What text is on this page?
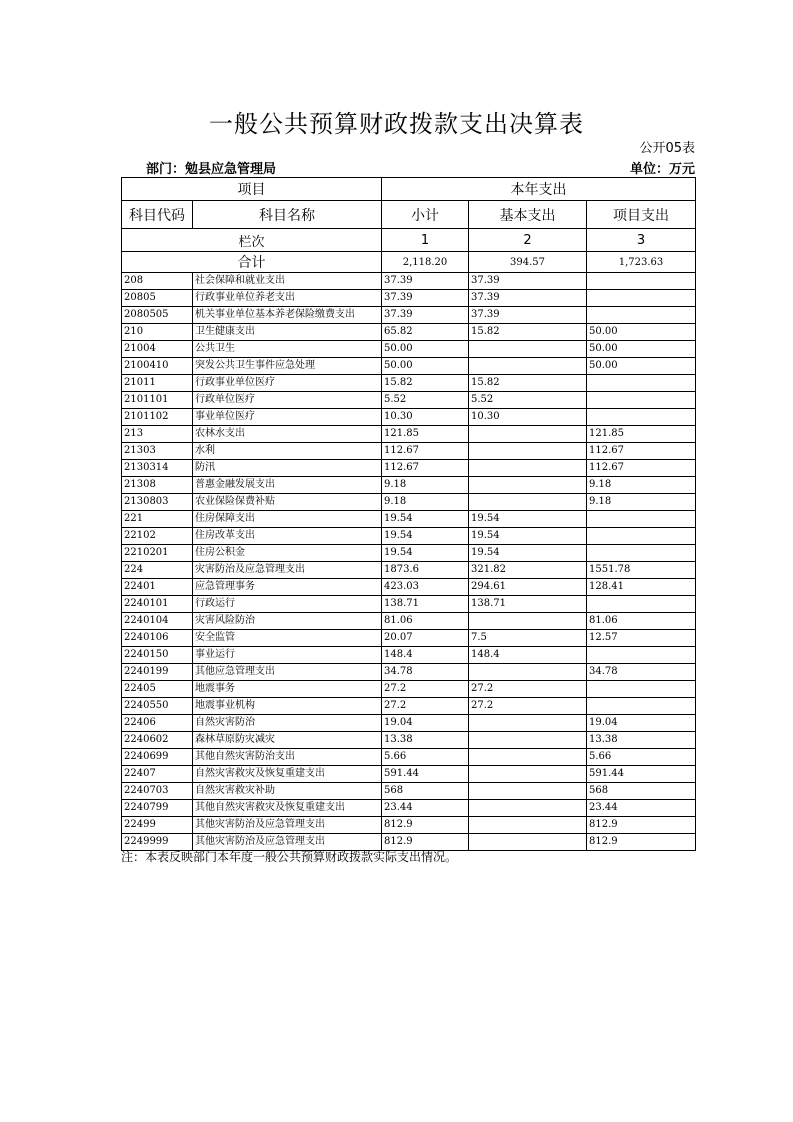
一般公共预算财政拨款支出决算表
公开05表
部门：勉县应急管理局	单位：万元
项目		本年支出		
科目代码	科目名称	小计	基本支出	项目支出
栏次		1	2	3
合计		2,118.20	394.57	1,723.63
208	社会保障和就业支出	37.39	37.39	
20805	行政事业单位养老支出	37.39	37.39	
2080505	机关事业单位基本养老保险缴费支出	37.39	37.39	
210	卫生健康支出	65.82	15.82	50.00
21004	公共卫生	50.00		50.00
2100410	突发公共卫生事件应急处理	50.00		50.00
21011	行政事业单位医疗	15.82	15.82	
2101101	行政单位医疗	5.52	5.52	
2101102	事业单位医疗	10.30	10.30	
213	农林水支出	121.85		121.85
21303	水利	112.67		112.67
2130314	防汛	112.67		112.67
21308	普惠金融发展支出	9.18		9.18
2130803	农业保险保费补贴	9.18		9.18
221	住房保障支出	19.54	19.54	
22102	住房改革支出	19.54	19.54	
2210201	住房公积金	19.54	19.54	
224	灾害防治及应急管理支出	1873.6	321.82	1551.78
22401	应急管理事务	423.03	294.61	128.41
2240101	行政运行	138.71	138.71	
2240104	灾害风险防治	81.06		81.06
2240106	安全监管	20.07	7.5	12.57
2240150	事业运行	148.4	148.4	
2240199	其他应急管理支出	34.78		34.78
22405	地震事务	27.2	27.2	
2240550	地震事业机构	27.2	27.2	
22406	自然灾害防治	19.04		19.04
2240602	森林草原防灾减灾	13.38		13.38
2240699	其他自然灾害防治支出	5.66		5.66
22407	自然灾害救灾及恢复重建支出	591.44		591.44
2240703	自然灾害救灾补助	568		568
2240799	其他自然灾害救灾及恢复重建支出	23.44		23.44
22499	其他灾害防治及应急管理支出	812.9		812.9
2249999	其他灾害防治及应急管理支出	812.9		812.9
注：本表反映部门本年度一般公共预算财政拨款实际支出情况。
